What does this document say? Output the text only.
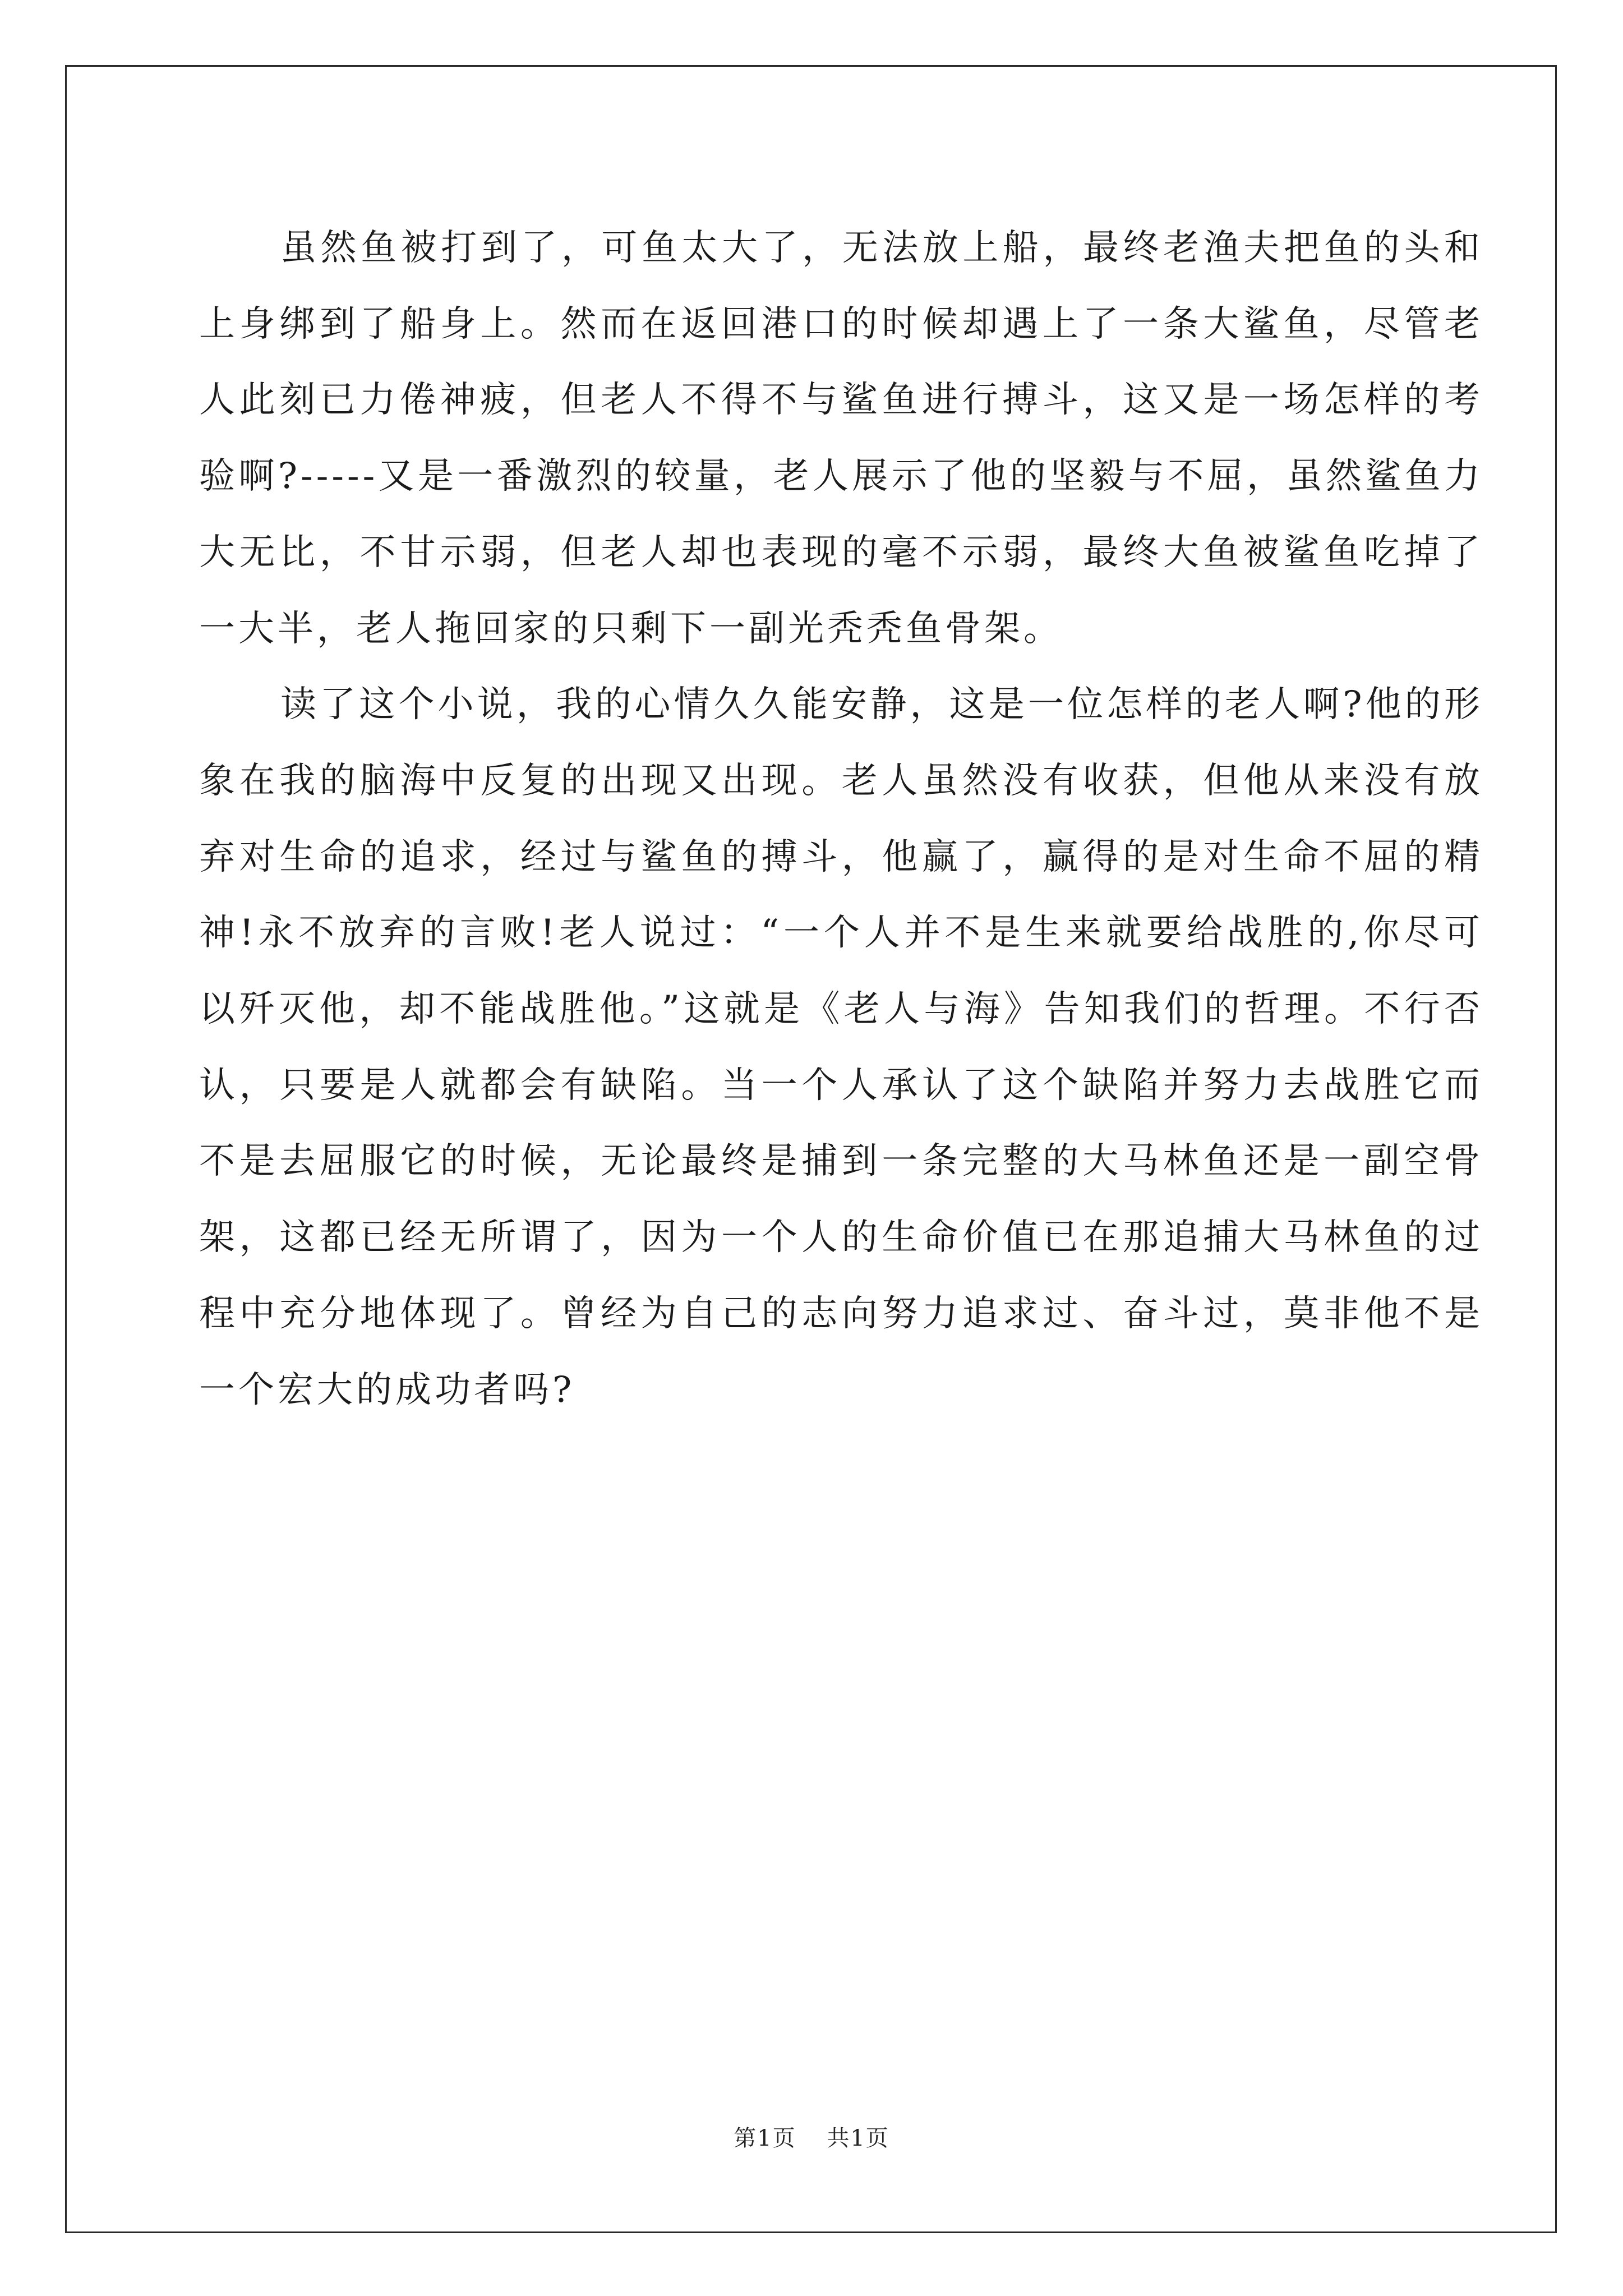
虽然鱼被打到了，可鱼太大了，无法放上船，最终老渔夫把鱼的头和上身绑到了船身上。然而在返回港口的时候却遇上了一条大鲨鱼，尽管老人此刻已力倦神疲，但老人不得不与鲨鱼进行搏斗，这又是一场怎样的考验啊?-----又是一番激烈的较量，老人展示了他的坚毅与不屈，虽然鲨鱼力大无比，不甘示弱，但老人却也表现的毫不示弱，最终大鱼被鲨鱼吃掉了一大半，老人拖回家的只剩下一副光秃秃鱼骨架。

读了这个小说，我的心情久久能安静，这是一位怎样的老人啊?他的形象在我的脑海中反复的出现又出现。老人虽然没有收获，但他从来没有放弃对生命的追求，经过与鲨鱼的搏斗，他赢了，赢得的是对生命不屈的精神!永不放弃的言败!老人说过：“一个人并不是生来就要给战胜的,你尽可以歼灭他，却不能战胜他。”这就是《老人与海》告知我们的哲理。不行否认，只要是人就都会有缺陷。当一个人承认了这个缺陷并努力去战胜它而不是去屈服它的时候，无论最终是捕到一条完整的大马林鱼还是一副空骨架，这都已经无所谓了，因为一个人的生命价值已在那追捕大马林鱼的过程中充分地体现了。曾经为自己的志向努力追求过、奋斗过，莫非他不是一个宏大的成功者吗?

第1页 共1页
